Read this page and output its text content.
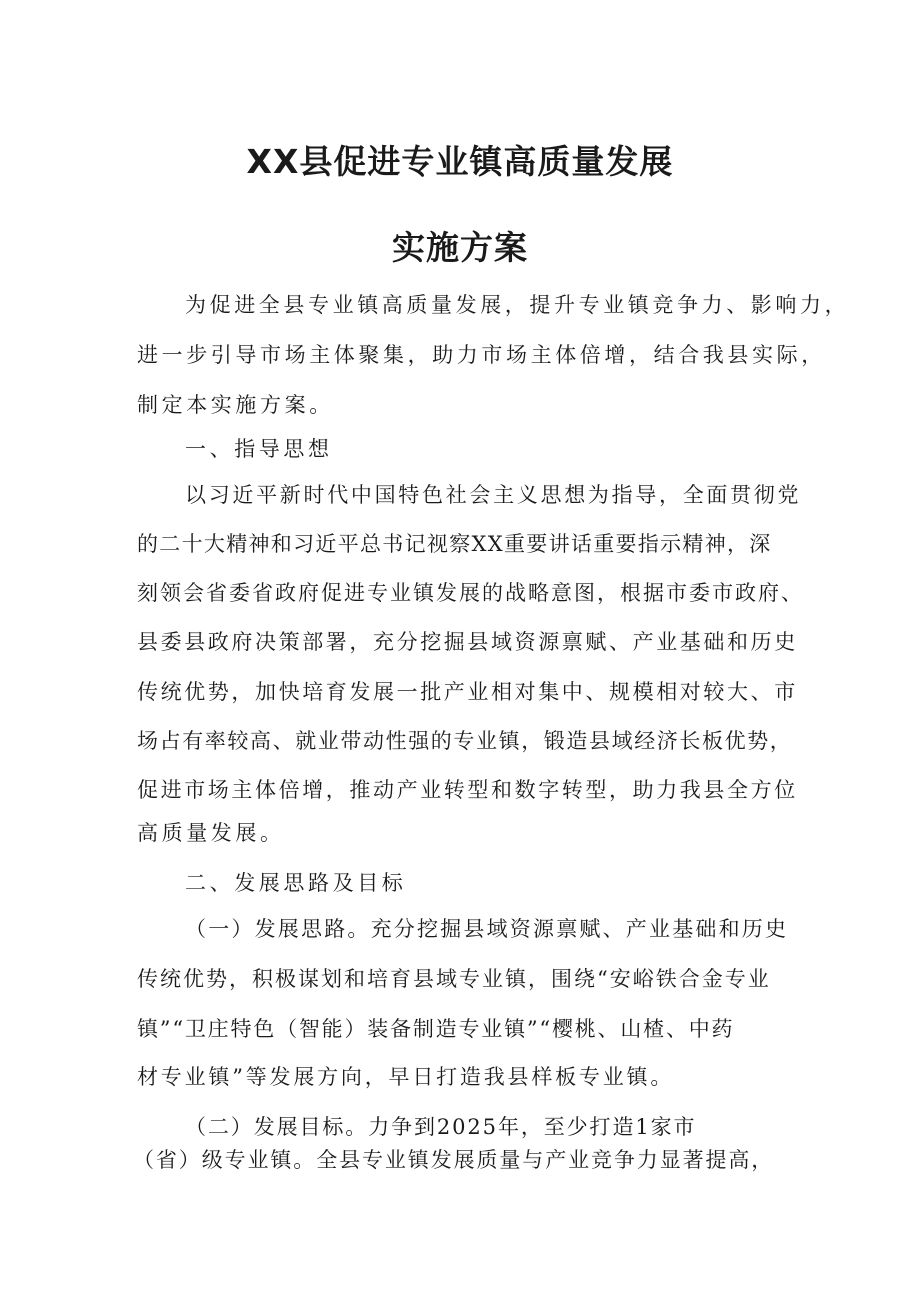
XX县促进专业镇高质量发展
实施方案
为促进全县专业镇高质量发展，提升专业镇竞争力、影响力，
进一步引导市场主体聚集，助力市场主体倍增，结合我县实际，
制定本实施方案。
一、指导思想
以习近平新时代中国特色社会主义思想为指导，全面贯彻党
的二十大精神和习近平总书记视察XX重要讲话重要指示精神，深
刻领会省委省政府促进专业镇发展的战略意图，根据市委市政府、
县委县政府决策部署，充分挖掘县域资源禀赋、产业基础和历史
传统优势，加快培育发展一批产业相对集中、规模相对较大、市
场占有率较高、就业带动性强的专业镇，锻造县域经济长板优势，
促进市场主体倍增，推动产业转型和数字转型，助力我县全方位
高质量发展。
二、发展思路及目标
（一）发展思路。充分挖掘县域资源禀赋、产业基础和历史
传统优势，积极谋划和培育县域专业镇，围绕“安峪铁合金专业
镇”“卫庄特色（智能）装备制造专业镇”“樱桃、山楂、中药
材专业镇”等发展方向，早日打造我县样板专业镇。
（二）发展目标。力争到2025年，至少打造1家市
（省）级专业镇。全县专业镇发展质量与产业竞争力显著提高，
